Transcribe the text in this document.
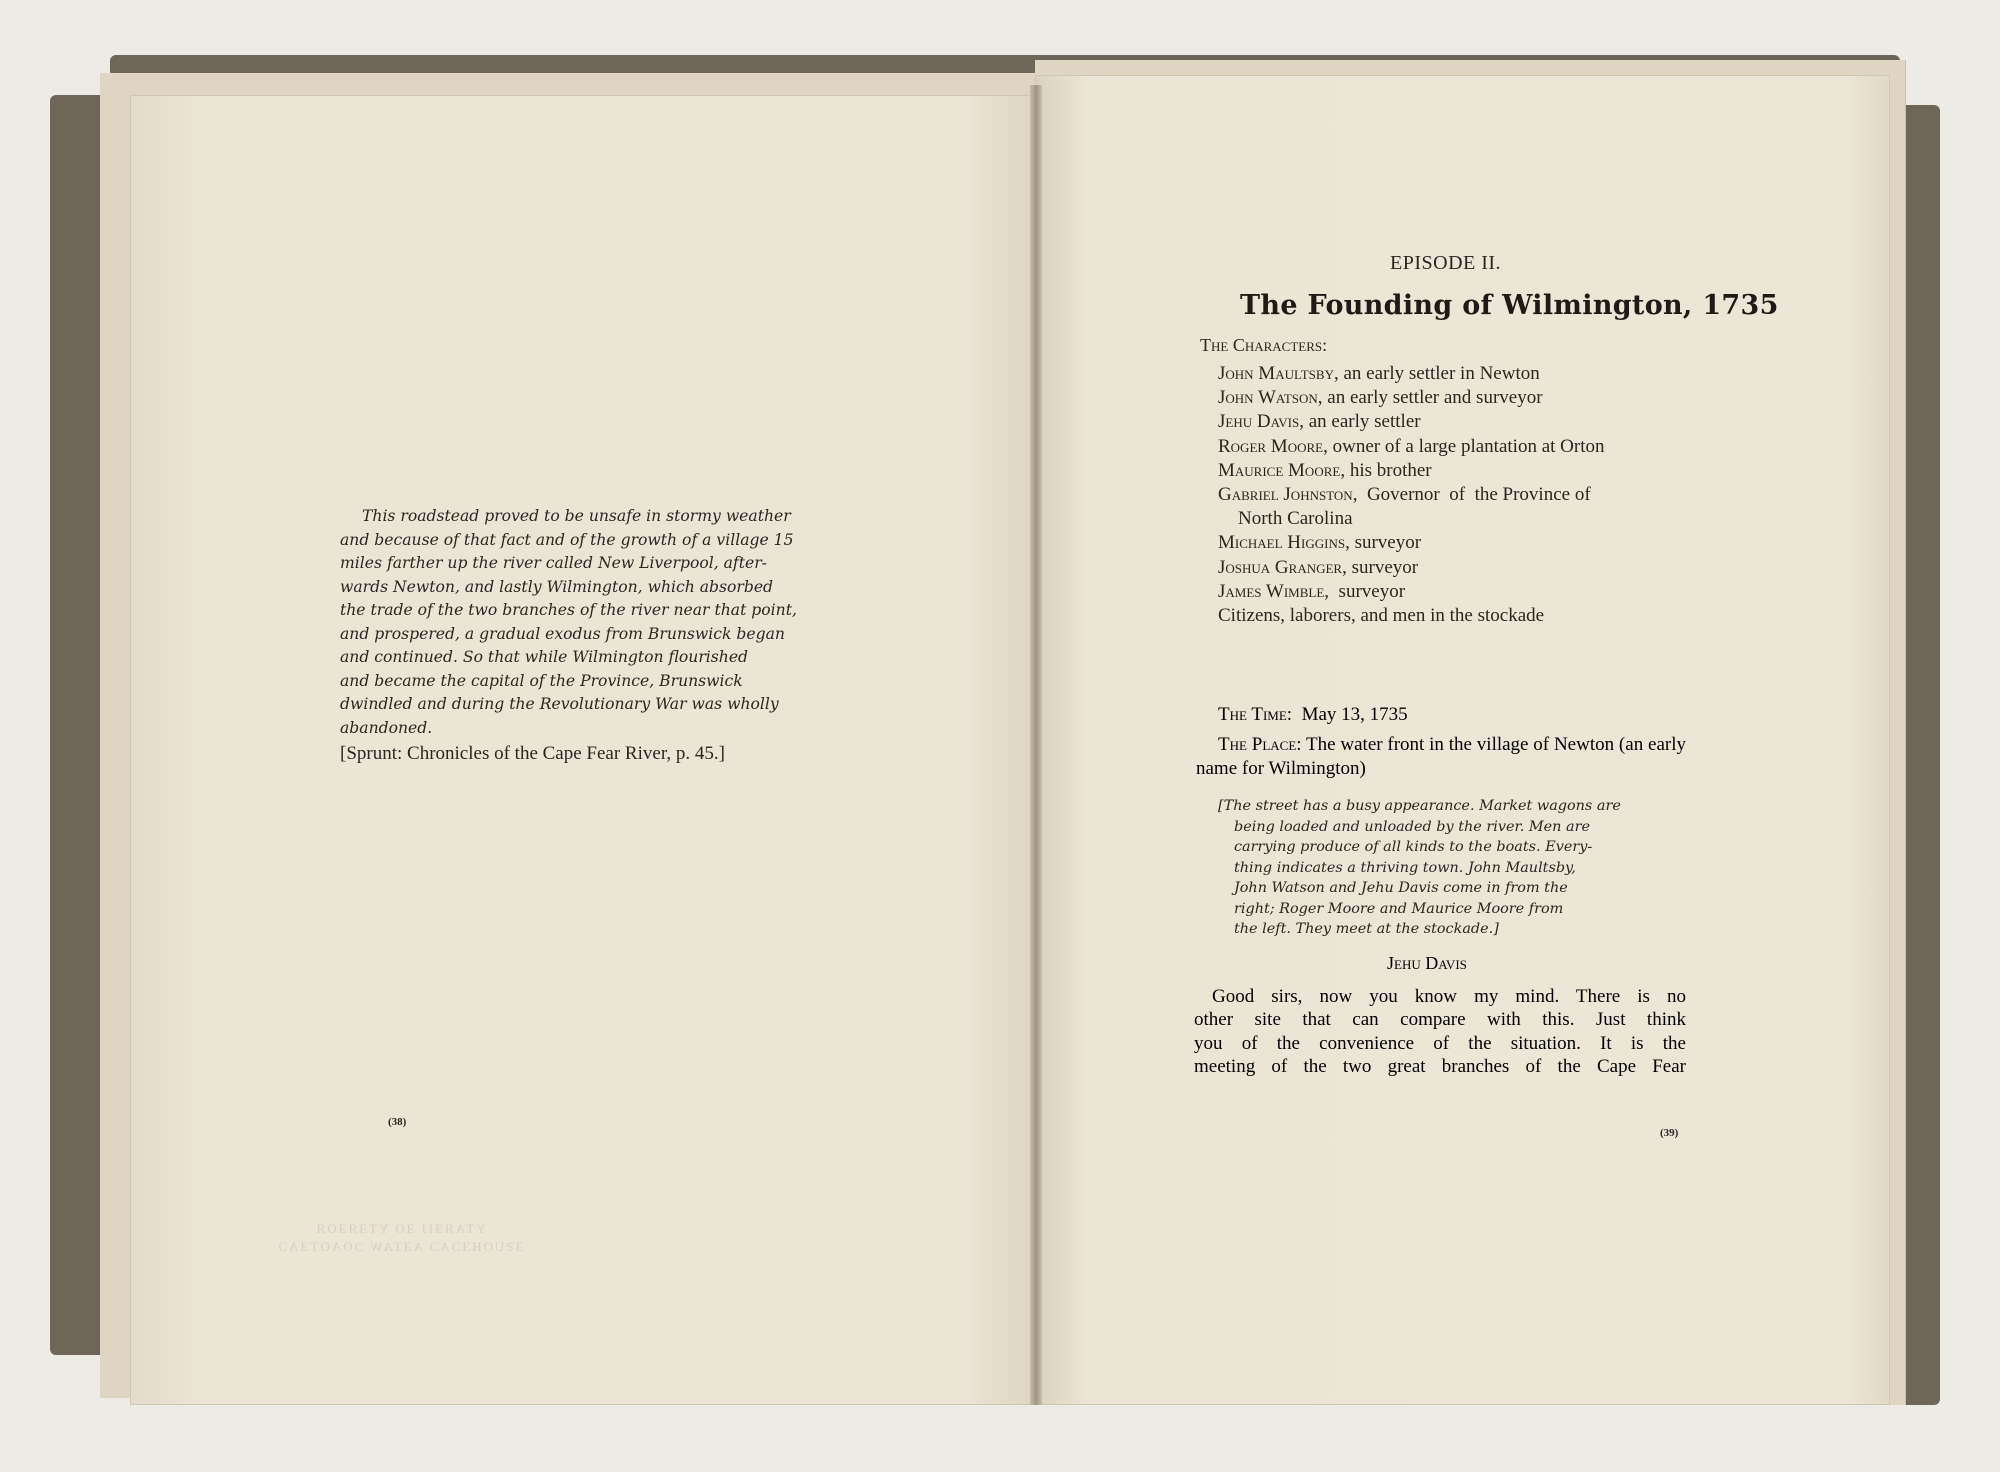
This roadstead proved to be unsafe in stormy weather
and because of that fact and of the growth of a village 15
miles farther up the river called New Liverpool, after-
wards Newton, and lastly Wilmington, which absorbed
the trade of the two branches of the river near that point,
and prospered, a gradual exodus from Brunswick began
and continued. So that while Wilmington flourished
and became the capital of the Province, Brunswick
dwindled and during the Revolutionary War was wholly
abandoned.

[Sprunt: Chronicles of the Cape Fear River, p. 45.]
(38)
YTAЯƎIJ ƎO YTƎЯƎOЯ
ƎƧUOHƎƆAƆ AƎTAW ƆOAOTƎAƆ
EPISODE II.
The Founding of Wilmington, 1735
The Characters:
John Maultsby, an early settler in Newton
John Watson, an early settler and surveyor
Jehu Davis, an early settler
Roger Moore, owner of a large plantation at Orton
Maurice Moore, his brother
Gabriel Johnston,  Governor  of  the Province of
North Carolina
Michael Higgins, surveyor
Joshua Granger, surveyor
James Wimble,  surveyor
Citizens, laborers, and men in the stockade
The Time:  May 13, 1735
The Place: The water front in the village of Newton (an early name for Wilmington)
[The street has a busy appearance. Market wagons are
being loaded and unloaded by the river. Men are
carrying produce of all kinds to the boats. Every-
thing indicates a thriving town. John Maultsby,
John Watson and Jehu Davis come in from the
right; Roger Moore and Maurice Moore from
the left. They meet at the stockade.]
Jehu Davis
Good sirs, now you know my mind. There is no
other site that can compare with this. Just think
you of the convenience of the situation. It is the
meeting of the two great branches of the Cape Fear
(39)
